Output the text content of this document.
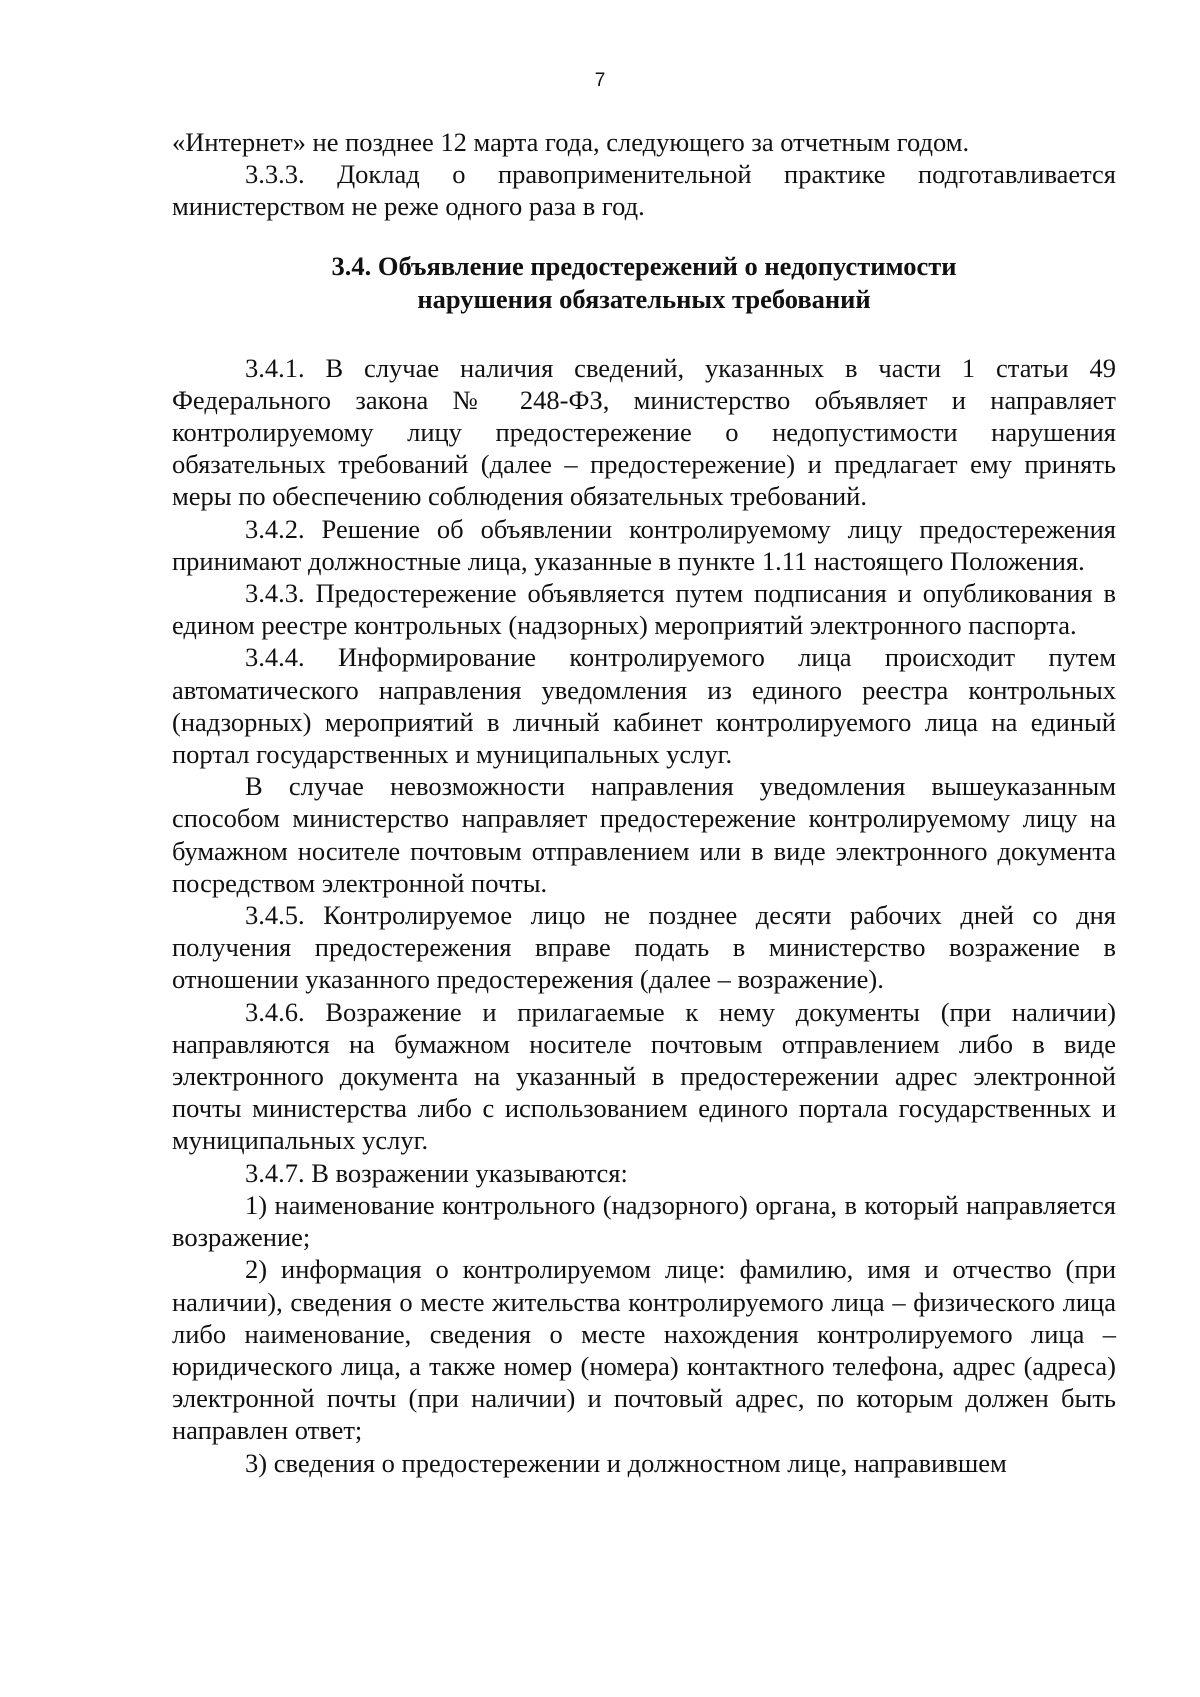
7

«Интернет» не позднее 12 марта года, следующего за отчетным годом.

3.3.3. Доклад о правоприменительной практике подготавливается министерством не реже одного раза в год.

3.4. Объявление предостережений о недопустимости
нарушения обязательных требований

3.4.1. В случае наличия сведений, указанных в части 1 статьи 49 Федерального закона № 248-ФЗ, министерство объявляет и направляет контролируемому лицу предостережение о недопустимости нарушения обязательных требований (далее – предостережение) и предлагает ему принять меры по обеспечению соблюдения обязательных требований.

3.4.2. Решение об объявлении контролируемому лицу предостережения принимают должностные лица, указанные в пункте 1.11 настоящего Положения.

3.4.3. Предостережение объявляется путем подписания и опубликования в едином реестре контрольных (надзорных) мероприятий электронного паспорта.

3.4.4. Информирование контролируемого лица происходит путем автоматического направления уведомления из единого реестра контрольных (надзорных) мероприятий в личный кабинет контролируемого лица на единый портал государственных и муниципальных услуг.

В случае невозможности направления уведомления вышеуказанным способом министерство направляет предостережение контролируемому лицу на бумажном носителе почтовым отправлением или в виде электронного документа посредством электронной почты.

3.4.5. Контролируемое лицо не позднее десяти рабочих дней со дня получения предостережения вправе подать в министерство возражение в отношении указанного предостережения (далее – возражение).

3.4.6. Возражение и прилагаемые к нему документы (при наличии) направляются на бумажном носителе почтовым отправлением либо в виде электронного документа на указанный в предостережении адрес электронной почты министерства либо с использованием единого портала государственных и муниципальных услуг.

3.4.7. В возражении указываются:

1) наименование контрольного (надзорного) органа, в который направляется возражение;

2) информация о контролируемом лице: фамилию, имя и отчество (при наличии), сведения о месте жительства контролируемого лица – физического лица либо наименование, сведения о месте нахождения контролируемого лица – юридического лица, а также номер (номера) контактного телефона, адрес (адреса) электронной почты (при наличии) и почтовый адрес, по которым должен быть направлен ответ;

3) сведения о предостережении и должностном лице, направившем
